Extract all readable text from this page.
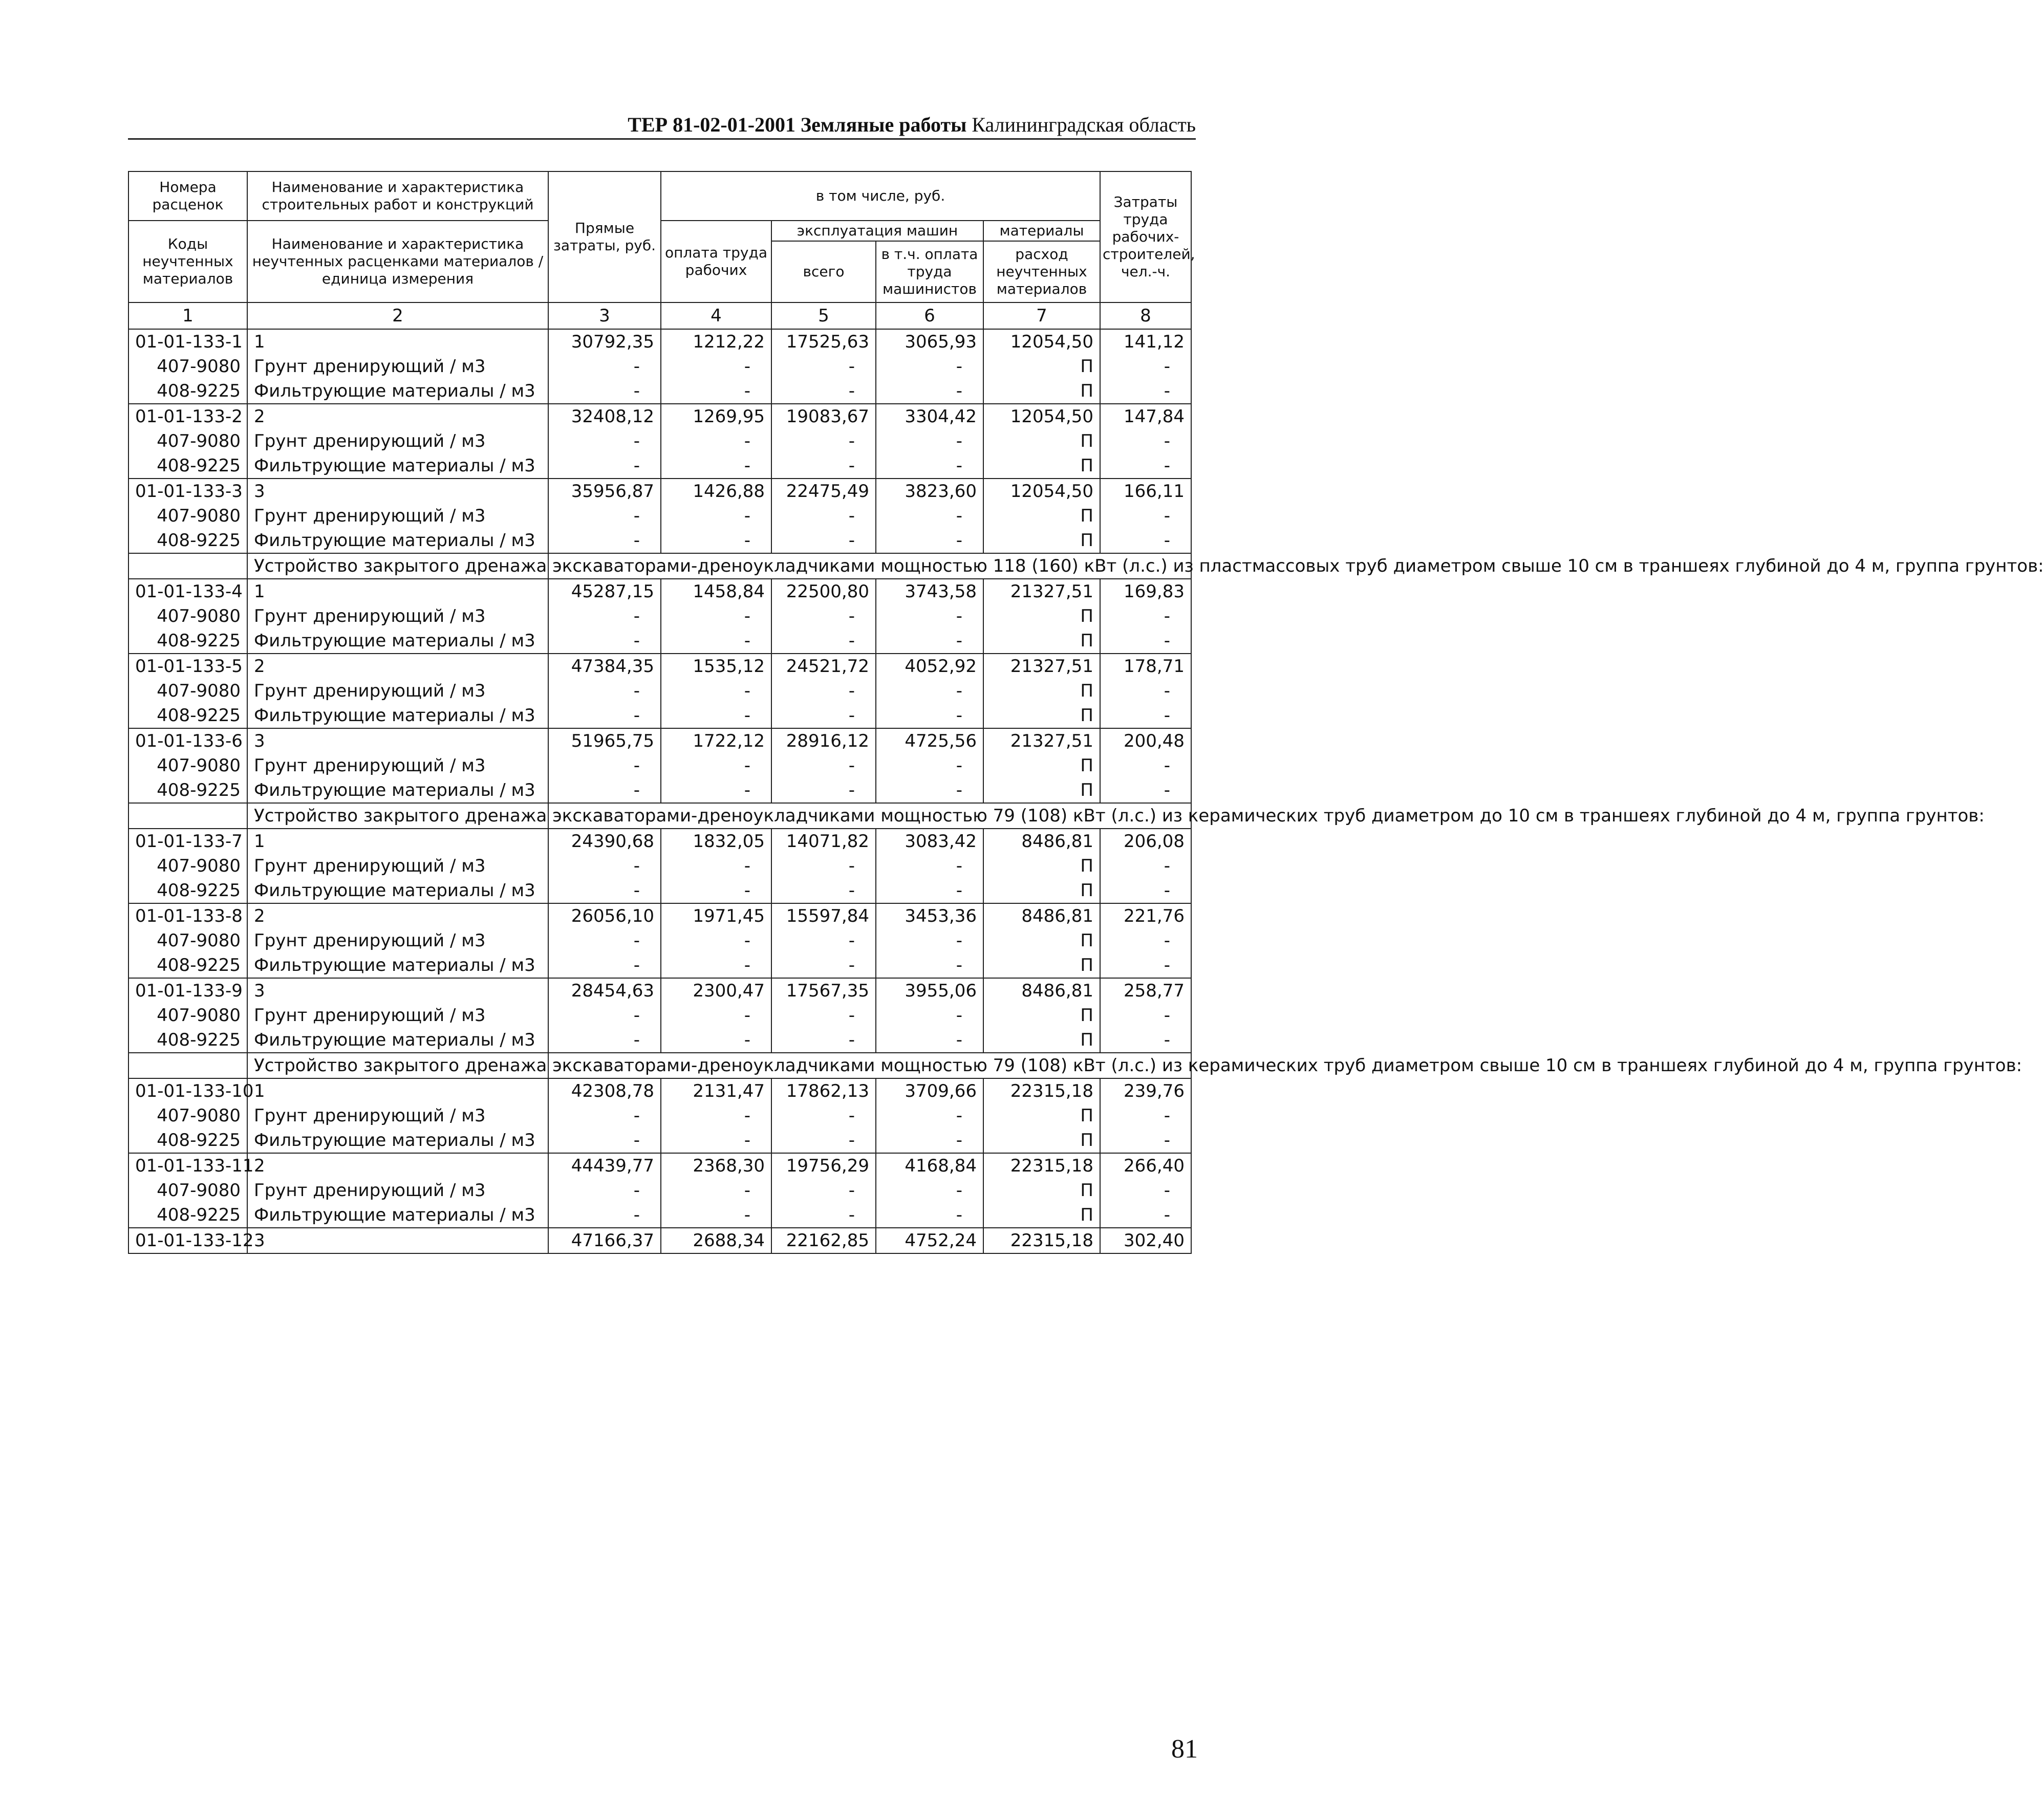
ТЕР 81-02-01-2001 Земляные работы Калининградская область
Номера расценок	Наименование и характеристика строительных работ и конструкций	Прямые затраты, руб.	в том числе, руб.				Затраты труда рабочих-строителей, чел.-ч.
Коды неучтенных материалов	Наименование и характеристика неучтенных расценками материалов / единица измерения		оплата труда рабочих	эксплуатация машин		материалы	
				всего	в т.ч. оплата труда машинистов	расход неучтенных материалов	

1	2	3	4	5	6	7	8
01-01-133-1	1	30792,35	1212,22	17525,63	3065,93	12054,50	141,12
407-9080	Грунт дренирующий / м3	-	-	-	-	П	-
408-9225	Фильтрующие материалы / м3	-	-	-	-	П	-
01-01-133-2	2	32408,12	1269,95	19083,67	3304,42	12054,50	147,84
407-9080	Грунт дренирующий / м3	-	-	-	-	П	-
408-9225	Фильтрующие материалы / м3	-	-	-	-	П	-
01-01-133-3	3	35956,87	1426,88	22475,49	3823,60	12054,50	166,11
407-9080	Грунт дренирующий / м3	-	-	-	-	П	-
408-9225	Фильтрующие материалы / м3	-	-	-	-	П	-
	Устройство закрытого дренажа экскаваторами-дреноукладчиками мощностью 118 (160) кВт (л.с.) из пластмассовых труб диаметром свыше 10 см в траншеях глубиной до 4 м, группа грунтов:						
01-01-133-4	1	45287,15	1458,84	22500,80	3743,58	21327,51	169,83
407-9080	Грунт дренирующий / м3	-	-	-	-	П	-
408-9225	Фильтрующие материалы / м3	-	-	-	-	П	-
01-01-133-5	2	47384,35	1535,12	24521,72	4052,92	21327,51	178,71
407-9080	Грунт дренирующий / м3	-	-	-	-	П	-
408-9225	Фильтрующие материалы / м3	-	-	-	-	П	-
01-01-133-6	3	51965,75	1722,12	28916,12	4725,56	21327,51	200,48
407-9080	Грунт дренирующий / м3	-	-	-	-	П	-
408-9225	Фильтрующие материалы / м3	-	-	-	-	П	-
	Устройство закрытого дренажа экскаваторами-дреноукладчиками мощностью 79 (108) кВт (л.с.) из керамических труб диаметром до 10 см в траншеях глубиной до 4 м, группа грунтов:						
01-01-133-7	1	24390,68	1832,05	14071,82	3083,42	8486,81	206,08
407-9080	Грунт дренирующий / м3	-	-	-	-	П	-
408-9225	Фильтрующие материалы / м3	-	-	-	-	П	-
01-01-133-8	2	26056,10	1971,45	15597,84	3453,36	8486,81	221,76
407-9080	Грунт дренирующий / м3	-	-	-	-	П	-
408-9225	Фильтрующие материалы / м3	-	-	-	-	П	-
01-01-133-9	3	28454,63	2300,47	17567,35	3955,06	8486,81	258,77
407-9080	Грунт дренирующий / м3	-	-	-	-	П	-
408-9225	Фильтрующие материалы / м3	-	-	-	-	П	-
	Устройство закрытого дренажа экскаваторами-дреноукладчиками мощностью 79 (108) кВт (л.с.) из керамических труб диаметром свыше 10 см в траншеях глубиной до 4 м, группа грунтов:						
01-01-133-10	1	42308,78	2131,47	17862,13	3709,66	22315,18	239,76
407-9080	Грунт дренирующий / м3	-	-	-	-	П	-
408-9225	Фильтрующие материалы / м3	-	-	-	-	П	-
01-01-133-11	2	44439,77	2368,30	19756,29	4168,84	22315,18	266,40
407-9080	Грунт дренирующий / м3	-	-	-	-	П	-
408-9225	Фильтрующие материалы / м3	-	-	-	-	П	-
01-01-133-12	3	47166,37	2688,34	22162,85	4752,24	22315,18	302,40
81
